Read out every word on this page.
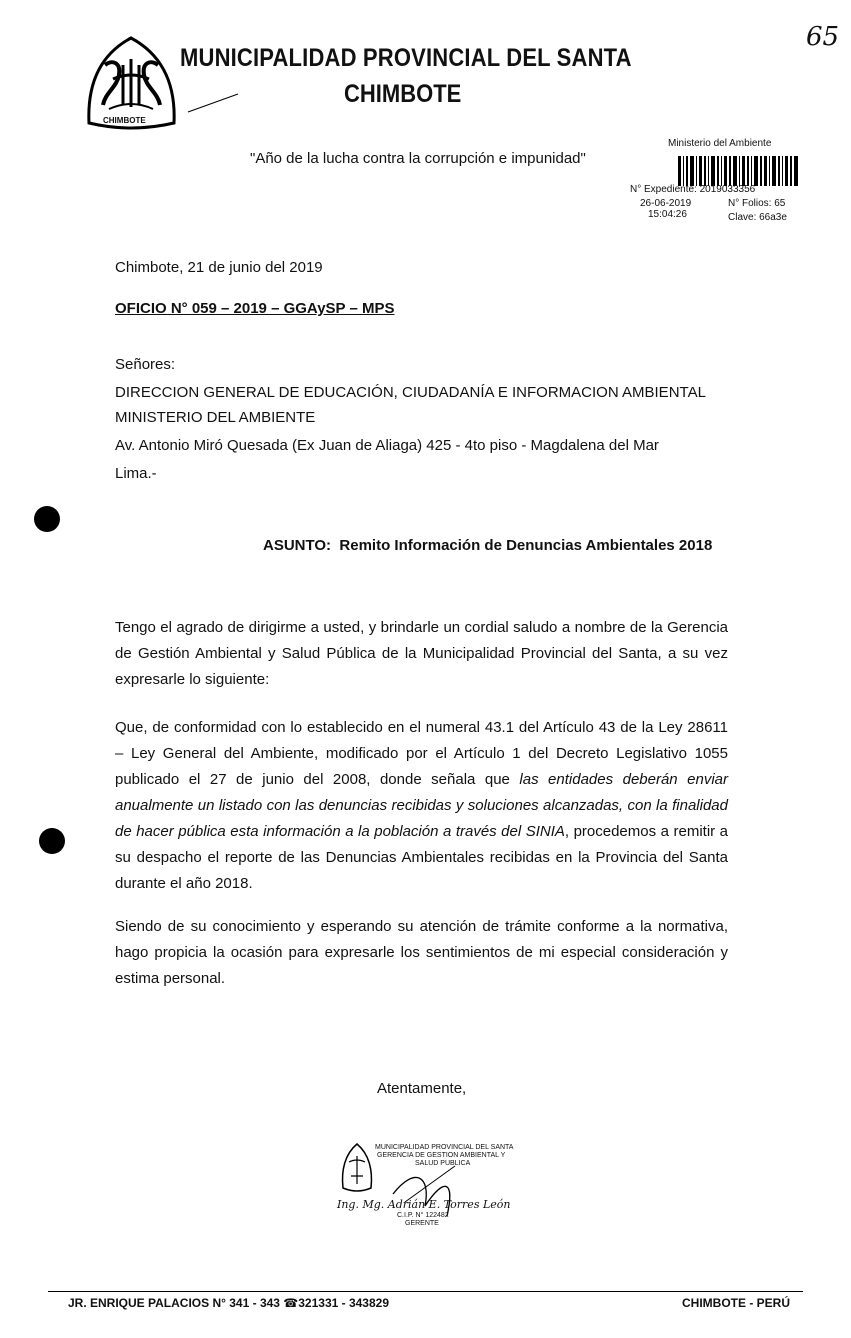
CHIMBOTE
MUNICIPALIDAD PROVINCIAL DEL SANTA
CHIMBOTE
"Año de la lucha contra la corrupción e impunidad"
65
Ministerio del Ambiente
N° Expediente: 2019033356
26-06-2019
15:04:26
N° Folios: 65
Clave: 66a3e
Chimbote, 21 de junio del 2019
OFICIO N° 059 – 2019 – GGAySP – MPS
Señores:
DIRECCION GENERAL DE EDUCACIÓN, CIUDADANÍA E INFORMACION AMBIENTAL
MINISTERIO DEL AMBIENTE
Av. Antonio Miró Quesada (Ex Juan de Aliaga) 425 - 4to piso - Magdalena del Mar
Lima.-
ASUNTO: Remito Información de Denuncias Ambientales 2018
Tengo el agrado de dirigirme a usted, y brindarle un cordial saludo a nombre de la Gerencia de Gestión Ambiental y Salud Pública de la Municipalidad Provincial del Santa, a su vez expresarle lo siguiente:
Que, de conformidad con lo establecido en el numeral 43.1 del Artículo 43 de la Ley 28611 – Ley General del Ambiente, modificado por el Artículo 1 del Decreto Legislativo 1055 publicado el 27 de junio del 2008, donde señala que las entidades deberán enviar anualmente un listado con las denuncias recibidas y soluciones alcanzadas, con la finalidad de hacer pública esta información a la población a través del SINIA, procedemos a remitir a su despacho el reporte de las Denuncias Ambientales recibidas en la Provincia del Santa durante el año 2018.
Siendo de su conocimiento y esperando su atención de trámite conforme a la normativa, hago propicia la ocasión para expresarle los sentimientos de mi especial consideración y estima personal.
Atentamente,
MUNICIPALIDAD PROVINCIAL DEL SANTA
GERENCIA DE GESTION AMBIENTAL Y
SALUD PUBLICA
Ing. Mg. Adrián E. Torres León
C.I.P. N° 122482
GERENTE
JR. ENRIQUE PALACIOS N° 341 - 343 ☎321331 - 343829	CHIMBOTE - PERÚ
